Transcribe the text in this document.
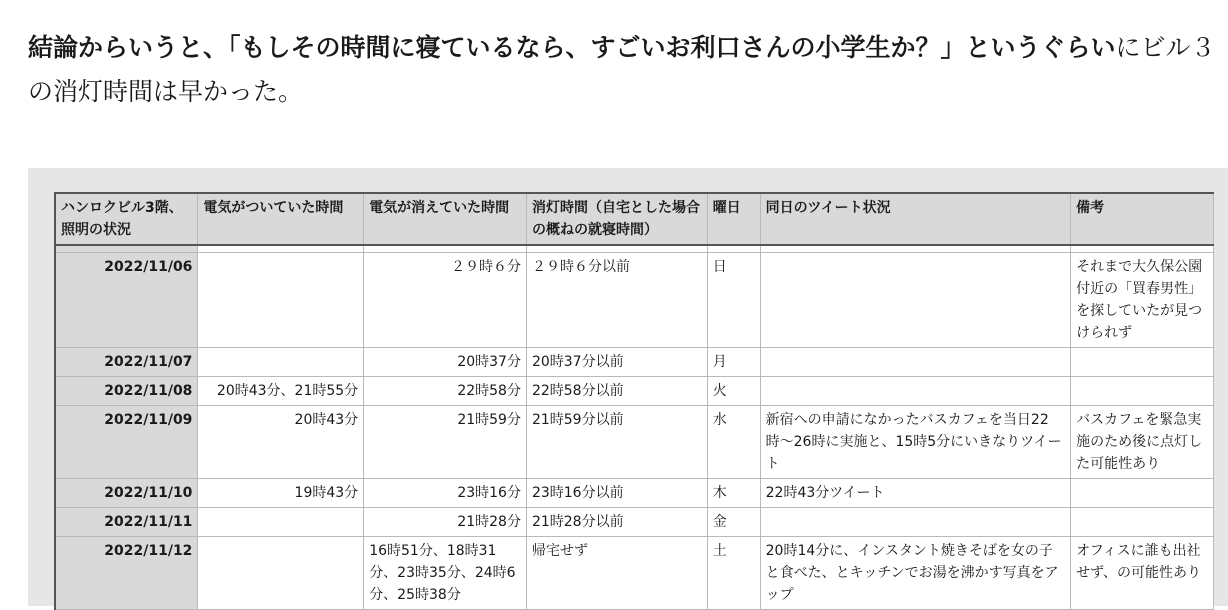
結論からいうと、「もしその時間に寝ているなら、すごいお利口さんの小学生か？」というぐらいにビル３
の消灯時間は早かった。
ハンロクビル3階、照明の状況	電気がついていた時間	電気が消えていた時間	消灯時間（自宅とした場合の概ねの就寝時間）	曜日	同日のツイート状況	備考

2022/11/06		２９時６分	２９時６分以前	日		それまで大久保公園付近の「買春男性」を探していたが見つけられず
2022/11/07		20時37分	20時37分以前	月		
2022/11/08	20時43分、21時55分	22時58分	22時58分以前	火		
2022/11/09	20時43分	21時59分	21時59分以前	水	新宿への申請になかったバスカフェを当日22時〜26時に実施と、15時5分にいきなりツイート	バスカフェを緊急実施のため後に点灯した可能性あり
2022/11/10	19時43分	23時16分	23時16分以前	木	22時43分ツイート	
2022/11/11		21時28分	21時28分以前	金		
2022/11/12		16時51分、18時31分、23時35分、24時6分、25時38分	帰宅せず	土	20時14分に、インスタント焼きそばを女の子と食べた、とキッチンでお湯を沸かす写真をアップ	オフィスに誰も出社せず、の可能性あり
